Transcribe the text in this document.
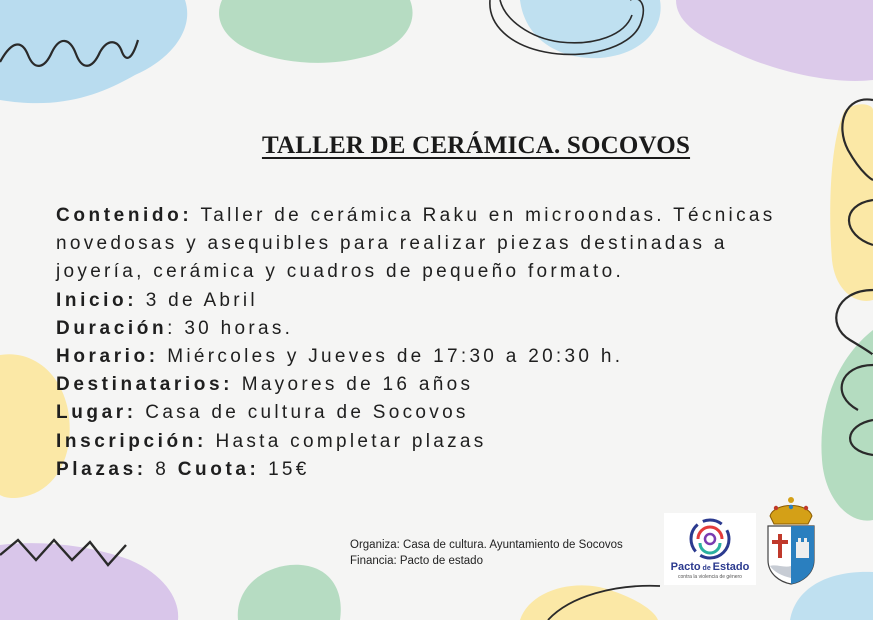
TALLER DE CERÁMICA. SOCOVOS

Contenido: Taller de cerámica Raku en microondas. Técnicas novedosas y asequibles para realizar piezas destinadas a joyería, cerámica y cuadros de pequeño formato.

Inicio: 3 de Abril

Duración: 30 horas.

Horario: Miércoles y Jueves de 17:30 a 20:30 h.

Destinatarios: Mayores de 16 años

Lugar: Casa de cultura de Socovos

Inscripción: Hasta completar plazas

Plazas: 8 Cuota: 15€

Organiza: Casa de cultura. Ayuntamiento de Socovos
Financia: Pacto de estado	Pacto de Estado
contra la violencia de género
